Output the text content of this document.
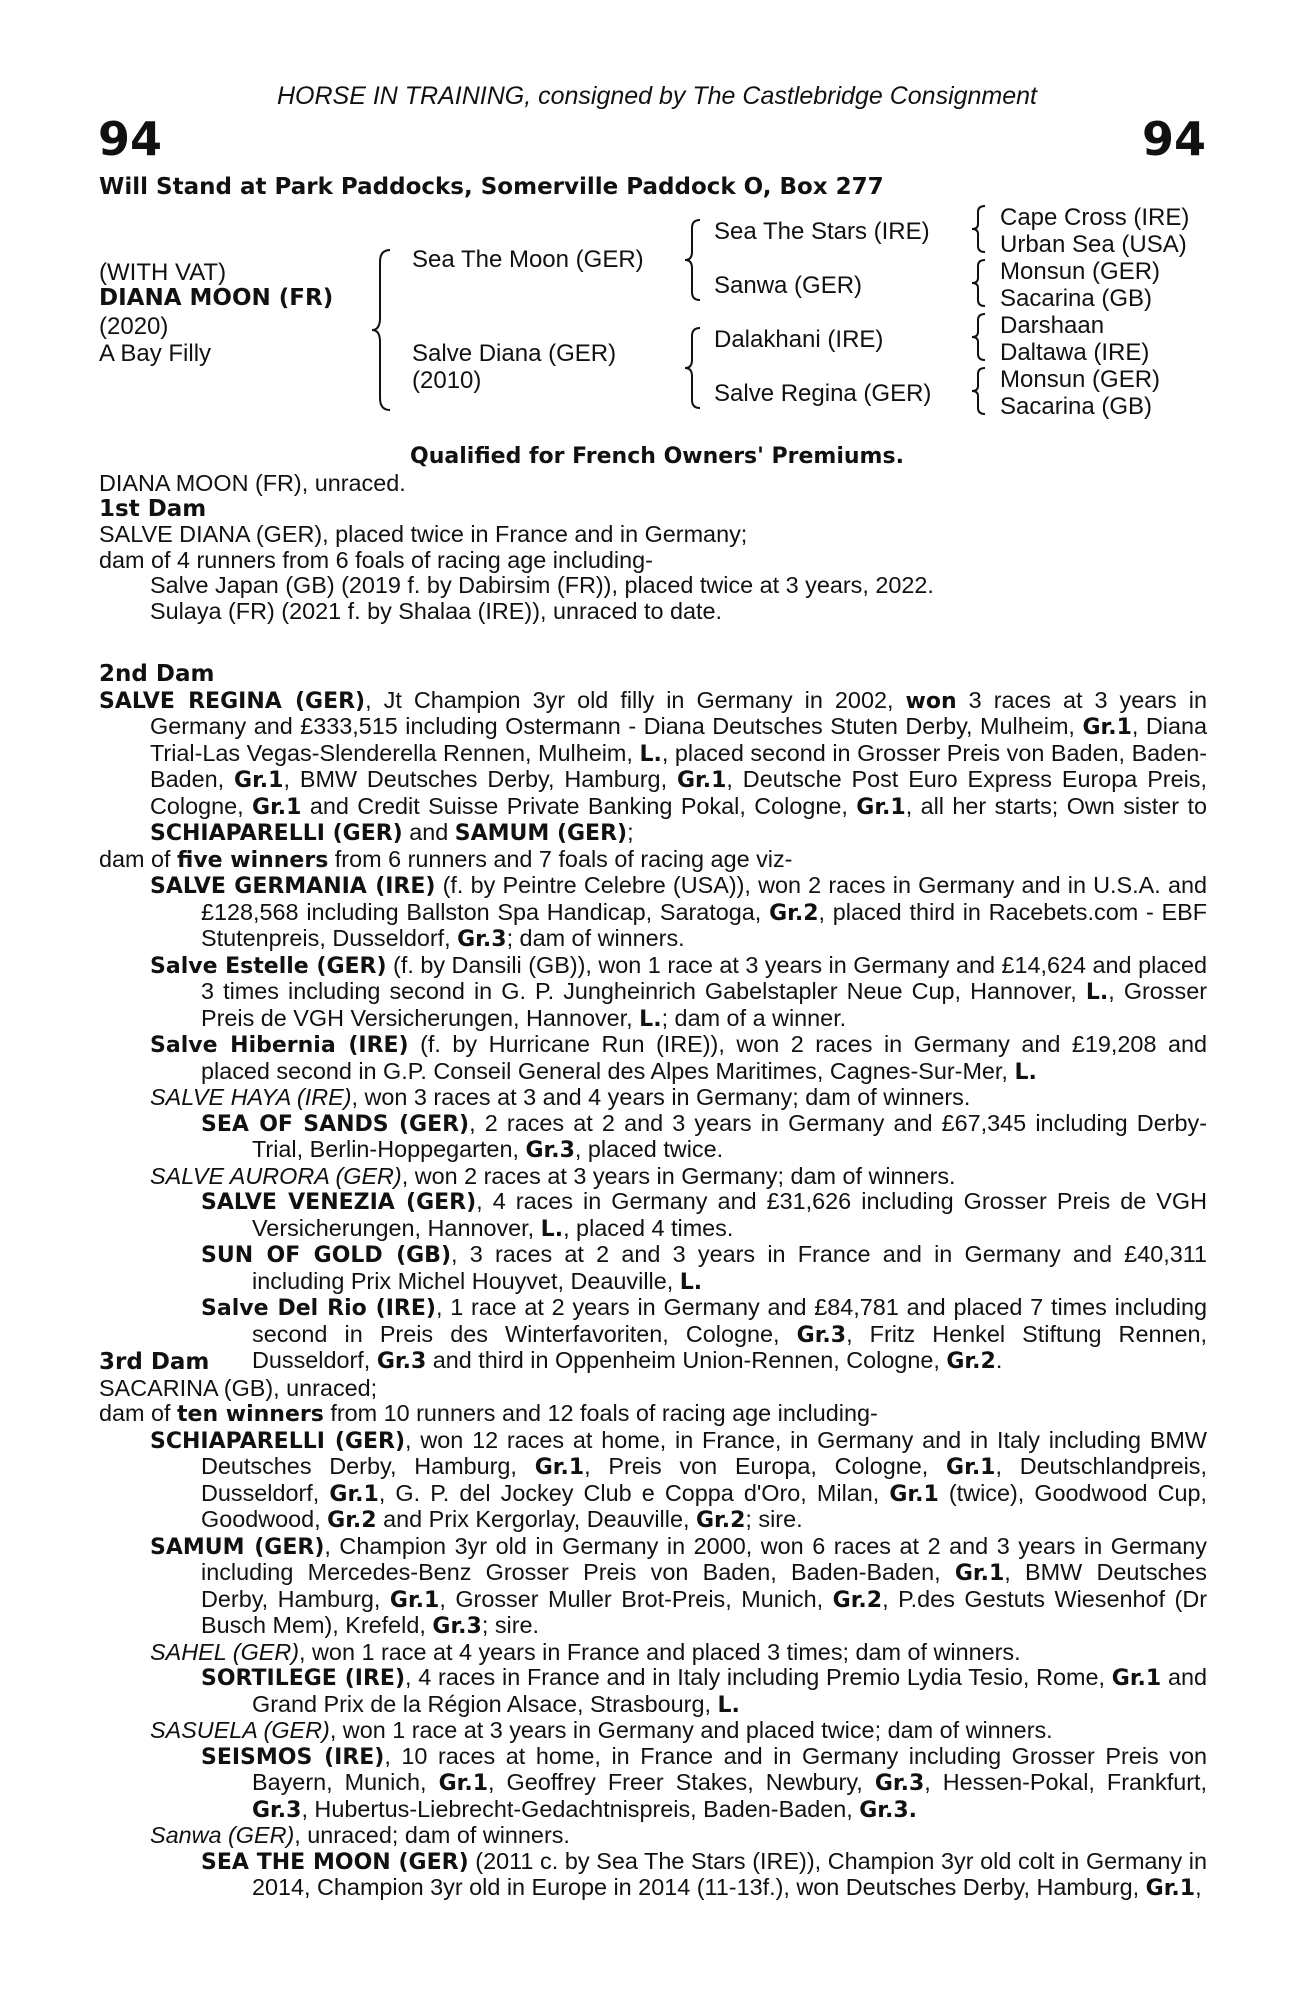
HORSE IN TRAINING, consigned by The Castlebridge Consignment
94	94
Will Stand at Park Paddocks, Somerville Paddock O, Box 277
(WITH VAT)
DIANA MOON (FR)
(2020)
A Bay Filly
Sea The Moon (GER)
Salve Diana (GER)
(2010)
Sea The Stars (IRE)
Sanwa (GER)
Dalakhani (IRE)
Salve Regina (GER)
Cape Cross (IRE)
Urban Sea (USA)
Monsun (GER)
Sacarina (GB)
Darshaan
Daltawa (IRE)
Monsun (GER)
Sacarina (GB)
Qualified for French Owners' Premiums.

DIANA MOON (FR), unraced.

1st Dam

SALVE DIANA (GER), placed twice in France and in Germany;

dam of 4 runners from 6 foals of racing age including-

Salve Japan (GB) (2019 f. by Dabirsim (FR)), placed twice at 3 years, 2022.

Sulaya (FR) (2021 f. by Shalaa (IRE)), unraced to date.

2nd Dam

SALVE REGINA (GER), Jt Champion 3yr old filly in Germany in 2002, won 3 races at 3 years in Germany and £333,515 including Ostermann - Diana Deutsches Stuten Derby, Mulheim, Gr.1, Diana Trial-Las Vegas-Slenderella Rennen, Mulheim, L., placed second in Grosser Preis von Baden, Baden-Baden, Gr.1, BMW Deutsches Derby, Hamburg, Gr.1, Deutsche Post Euro Express Europa Preis, Cologne, Gr.1 and Credit Suisse Private Banking Pokal, Cologne, Gr.1, all her starts; Own sister to SCHIAPARELLI (GER) and SAMUM (GER);

dam of five winners from 6 runners and 7 foals of racing age viz-

SALVE GERMANIA (IRE) (f. by Peintre Celebre (USA)), won 2 races in Germany and in U.S.A. and £128,568 including Ballston Spa Handicap, Saratoga, Gr.2, placed third in Racebets.com - EBF Stutenpreis, Dusseldorf, Gr.3; dam of winners.

Salve Estelle (GER) (f. by Dansili (GB)), won 1 race at 3 years in Germany and £14,624 and placed 3 times including second in G. P. Jungheinrich Gabelstapler Neue Cup, Hannover, L., Grosser Preis de VGH Versicherungen, Hannover, L.; dam of a winner.

Salve Hibernia (IRE) (f. by Hurricane Run (IRE)), won 2 races in Germany and £19,208 and placed second in G.P. Conseil General des Alpes Maritimes, Cagnes-Sur-Mer, L.

SALVE HAYA (IRE), won 3 races at 3 and 4 years in Germany; dam of winners.

SEA OF SANDS (GER), 2 races at 2 and 3 years in Germany and £67,345 including Derby-Trial, Berlin-Hoppegarten, Gr.3, placed twice.

SALVE AURORA (GER), won 2 races at 3 years in Germany; dam of winners.

SALVE VENEZIA (GER), 4 races in Germany and £31,626 including Grosser Preis de VGH Versicherungen, Hannover, L., placed 4 times.

SUN OF GOLD (GB), 3 races at 2 and 3 years in France and in Germany and £40,311 including Prix Michel Houyvet, Deauville, L.

Salve Del Rio (IRE), 1 race at 2 years in Germany and £84,781 and placed 7 times including second in Preis des Winterfavoriten, Cologne, Gr.3, Fritz Henkel Stiftung Rennen, Dusseldorf, Gr.3 and third in Oppenheim Union-Rennen, Cologne, Gr.2.

3rd Dam

SACARINA (GB), unraced;

dam of ten winners from 10 runners and 12 foals of racing age including-

SCHIAPARELLI (GER), won 12 races at home, in France, in Germany and in Italy including BMW Deutsches Derby, Hamburg, Gr.1, Preis von Europa, Cologne, Gr.1, Deutschlandpreis, Dusseldorf, Gr.1, G. P. del Jockey Club e Coppa d'Oro, Milan, Gr.1 (twice), Goodwood Cup, Goodwood, Gr.2 and Prix Kergorlay, Deauville, Gr.2; sire.

SAMUM (GER), Champion 3yr old in Germany in 2000, won 6 races at 2 and 3 years in Germany including Mercedes-Benz Grosser Preis von Baden, Baden-Baden, Gr.1, BMW Deutsches Derby, Hamburg, Gr.1, Grosser Muller Brot-Preis, Munich, Gr.2, P.des Gestuts Wiesenhof (Dr Busch Mem), Krefeld, Gr.3; sire.

SAHEL (GER), won 1 race at 4 years in France and placed 3 times; dam of winners.

SORTILEGE (IRE), 4 races in France and in Italy including Premio Lydia Tesio, Rome, Gr.1 and Grand Prix de la Région Alsace, Strasbourg, L.

SASUELA (GER), won 1 race at 3 years in Germany and placed twice; dam of winners.

SEISMOS (IRE), 10 races at home, in France and in Germany including Grosser Preis von Bayern, Munich, Gr.1, Geoffrey Freer Stakes, Newbury, Gr.3, Hessen-Pokal, Frankfurt, Gr.3, Hubertus-Liebrecht-Gedachtnispreis, Baden-Baden, Gr.3.

Sanwa (GER), unraced; dam of winners.

SEA THE MOON (GER) (2011 c. by Sea The Stars (IRE)), Champion 3yr old colt in Germany in 2014, Champion 3yr old in Europe in 2014 (11-13f.), won Deutsches Derby, Hamburg, Gr.1,
